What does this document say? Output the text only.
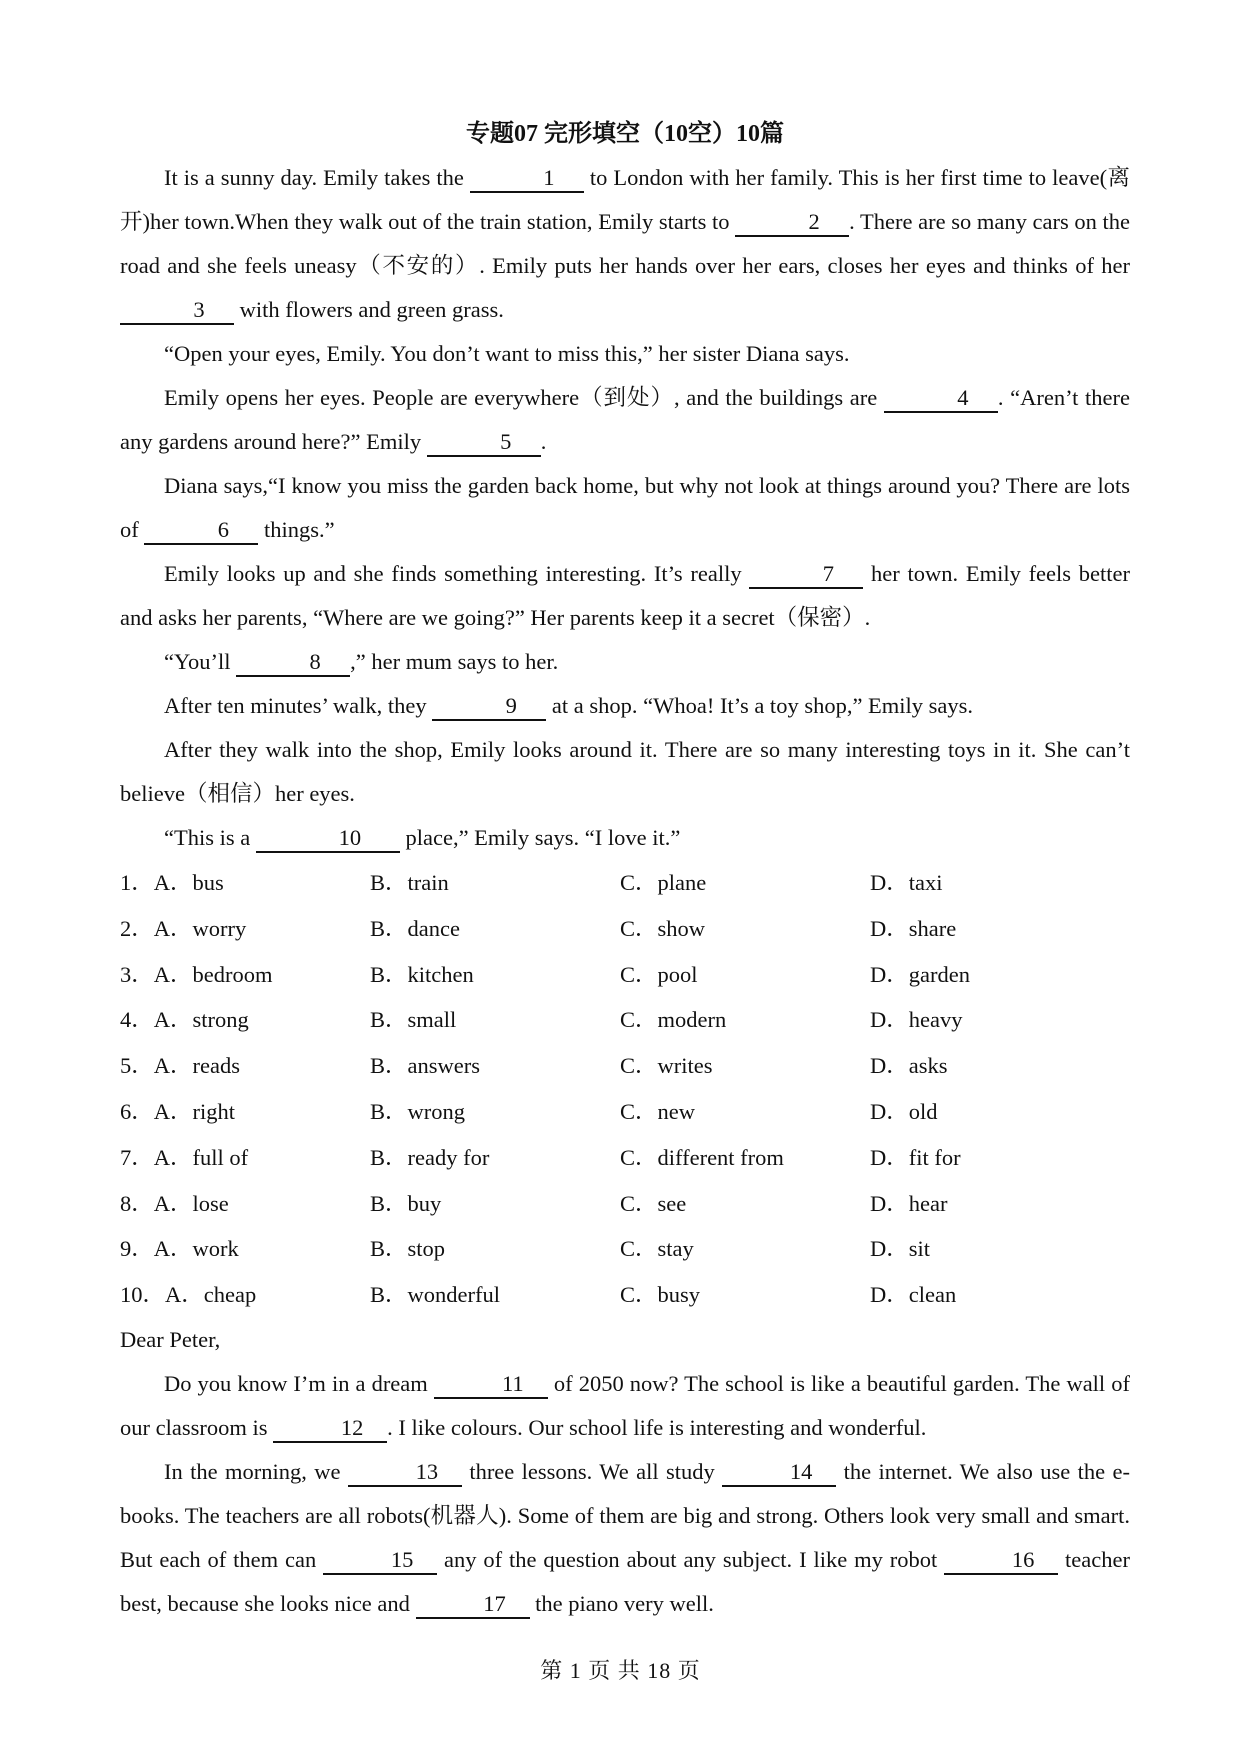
专题07 完形填空（10空）10篇
It is a sunny day. Emily takes the	1 to London with her family. This is her first time to leave(离开)her town.When they walk out of the train station, Emily starts to	2 . There are so many cars on the road and she feels uneasy（不安的）. Emily puts her hands over her ears, closes her eyes and thinks of her 3 with flowers and green grass.
“Open your eyes, Emily. You don’t want to miss this,” her sister Diana says.
Emily opens her eyes. People are everywhere（到处）, and the buildings are	4 . “Aren’t there any gardens around here?” Emily	5 .
Diana says,“I know you miss the garden back home, but why not look at things around you? There are lots of	6 things.”
Emily looks up and she finds something interesting. It’s really	7 her town. Emily feels better and asks her parents, “Where are we going?” Her parents keep it a secret（保密）.
“You’ll	8 ,” her mum says to her.
After ten minutes’ walk, they	9 at a shop. “Whoa! It’s a toy shop,” Emily says.
After they walk into the shop, Emily looks around it. There are so many interesting toys in it. She can’t believe（相信）her eyes.
“This is a	10 place,” Emily says. “I love it.”
1．A．bus	B．train	C．plane	D．taxi
2．A．worry	B．dance	C．show	D．share
3．A．bedroom	B．kitchen	C．pool	D．garden
4．A．strong	B．small	C．modern	D．heavy
5．A．reads	B．answers	C．writes	D．asks
6．A．right	B．wrong	C．new	D．old
7．A．full of	B．ready for	C．different from	D．fit for
8．A．lose	B．buy	C．see	D．hear
9．A．work	B．stop	C．stay	D．sit
10．A．cheap	B．wonderful	C．busy	D．clean
Dear Peter,
Do you know I’m in a dream	11 of 2050 now? The school is like a beautiful garden. The wall of our classroom is	12 . I like colours. Our school life is interesting and wonderful.
In the morning, we	13 three lessons. We all study	14 the internet. We also use the e-books. The teachers are all robots(机器人). Some of them are big and strong. Others look very small and smart. But each of them can	15 any of the question about any subject. I like my robot	16 teacher best, because she looks nice and	17 the piano very well.
第 1 页 共 18 页
